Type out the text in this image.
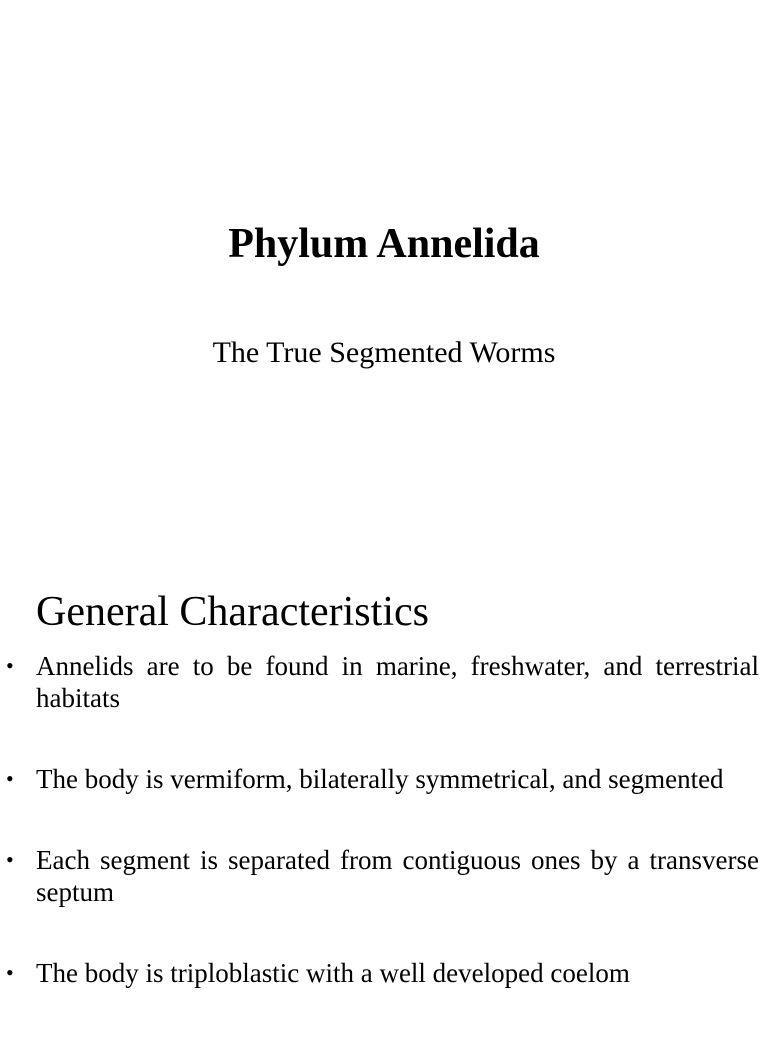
Phylum Annelida

The True Segmented Worms

General Characteristics
• Annelids are to be found in marine, freshwater, and terrestrial habitats
• The body is vermiform, bilaterally symmetrical, and segmented
• Each segment is separated from contiguous ones by a transverse septum
• The body is triploblastic with a well developed coelom
